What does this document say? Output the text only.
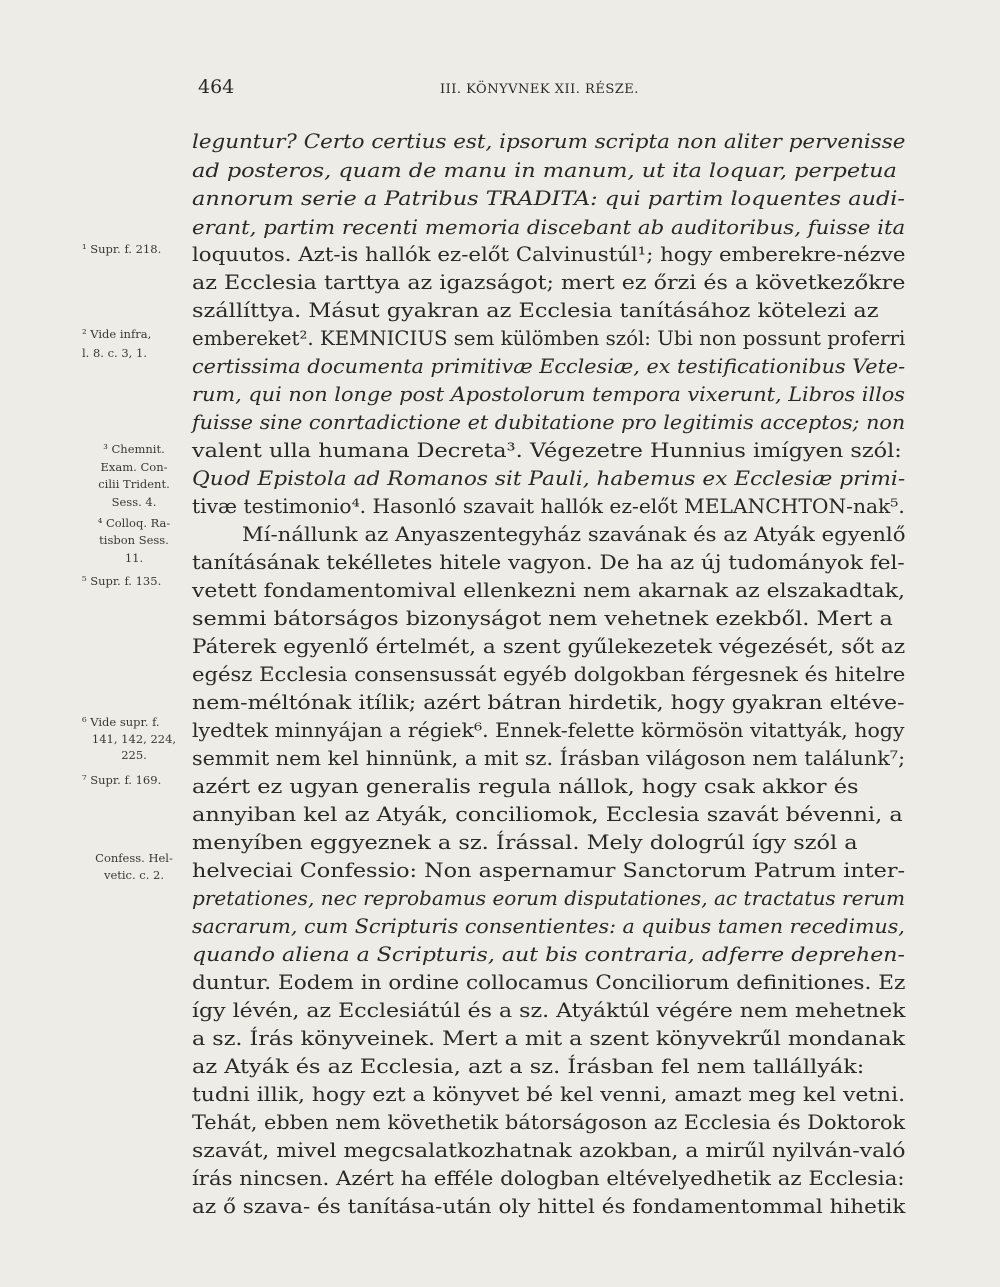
464	III. KÖNYVNEK XII. RÉSZE.
¹ Supr. f. 218.
² Vide infra,
l. 8. c. 3, 1.
³ Chemnit.
Exam. Con-
cilii Trident.
Sess. 4.
⁴ Colloq. Ra-
tisbon Sess.
11.
⁵ Supr. f. 135.
⁶ Vide supr. f.
141, 142, 224,
225.
⁷ Supr. f. 169.
Confess. Hel-
vetic. c. 2.
leguntur? Certo certius est, ipsorum scripta non aliter pervenisse
ad posteros, quam de manu in manum, ut ita loquar, perpetua
annorum serie a Patribus TRADITA: qui partim loquentes audi-
erant, partim recenti memoria discebant ab auditoribus, fuisse ita
loquutos. Azt-is hallók ez-előt Calvinustúl¹; hogy emberekre-nézve
az Ecclesia tarttya az igazságot; mert ez őrzi és a következőkre
szállíttya. Másut gyakran az Ecclesia tanításához kötelezi az
embereket². KEMNICIUS sem külömben szól: Ubi non possunt proferri
certissima documenta primitivæ Ecclesiæ, ex testificationibus Vete-
rum, qui non longe post Apostolorum tempora vixerunt, Libros illos
fuisse sine conrtadictione et dubitatione pro legitimis acceptos; non
valent ulla humana Decreta³. Végezetre Hunnius imígyen szól:
Quod Epistola ad Romanos sit Pauli, habemus ex Ecclesiæ primi-
tivæ testimonio⁴. Hasonló szavait hallók ez-előt MELANCHTON-nak⁵.
Mí-nállunk az Anyaszentegyház szavának és az Atyák egyenlő
tanításának tekélletes hitele vagyon. De ha az új tudományok fel-
vetett fondamentomival ellenkezni nem akarnak az elszakadtak,
semmi bátorságos bizonyságot nem vehetnek ezekből. Mert a
Páterek egyenlő értelmét, a szent gyűlekezetek végezését, sőt az
egész Ecclesia consensussát egyéb dolgokban férgesnek és hitelre
nem-méltónak itílik; azért bátran hirdetik, hogy gyakran eltéve-
lyedtek minnyájan a régiek⁶. Ennek-felette körmösön vitattyák, hogy
semmit nem kel hinnünk, a mit sz. Írásban világoson nem találunk⁷;
azért ez ugyan generalis regula nállok, hogy csak akkor és
annyiban kel az Atyák, conciliomok, Ecclesia szavát bévenni, a
menyíben eggyeznek a sz. Írással. Mely dologrúl így szól a
helveciai Confessio: Non aspernamur Sanctorum Patrum inter-
pretationes, nec reprobamus eorum disputationes, ac tractatus rerum
sacrarum, cum Scripturis consentientes: a quibus tamen recedimus,
quando aliena a Scripturis, aut bis contraria, adferre deprehen-
duntur. Eodem in ordine collocamus Conciliorum definitiones. Ez
így lévén, az Ecclesiátúl és a sz. Atyáktúl végére nem mehetnek
a sz. Írás könyveinek. Mert a mit a szent könyvekrűl mondanak
az Atyák és az Ecclesia, azt a sz. Írásban fel nem tallállyák:
tudni illik, hogy ezt a könyvet bé kel venni, amazt meg kel vetni.
Tehát, ebben nem követhetik bátorságoson az Ecclesia és Doktorok
szavát, mivel megcsalatkozhatnak azokban, a mirűl nyilván-való
írás nincsen. Azért ha efféle dologban eltévelyedhetik az Ecclesia:
az ő szava- és tanítása-után oly hittel és fondamentommal hihetik
